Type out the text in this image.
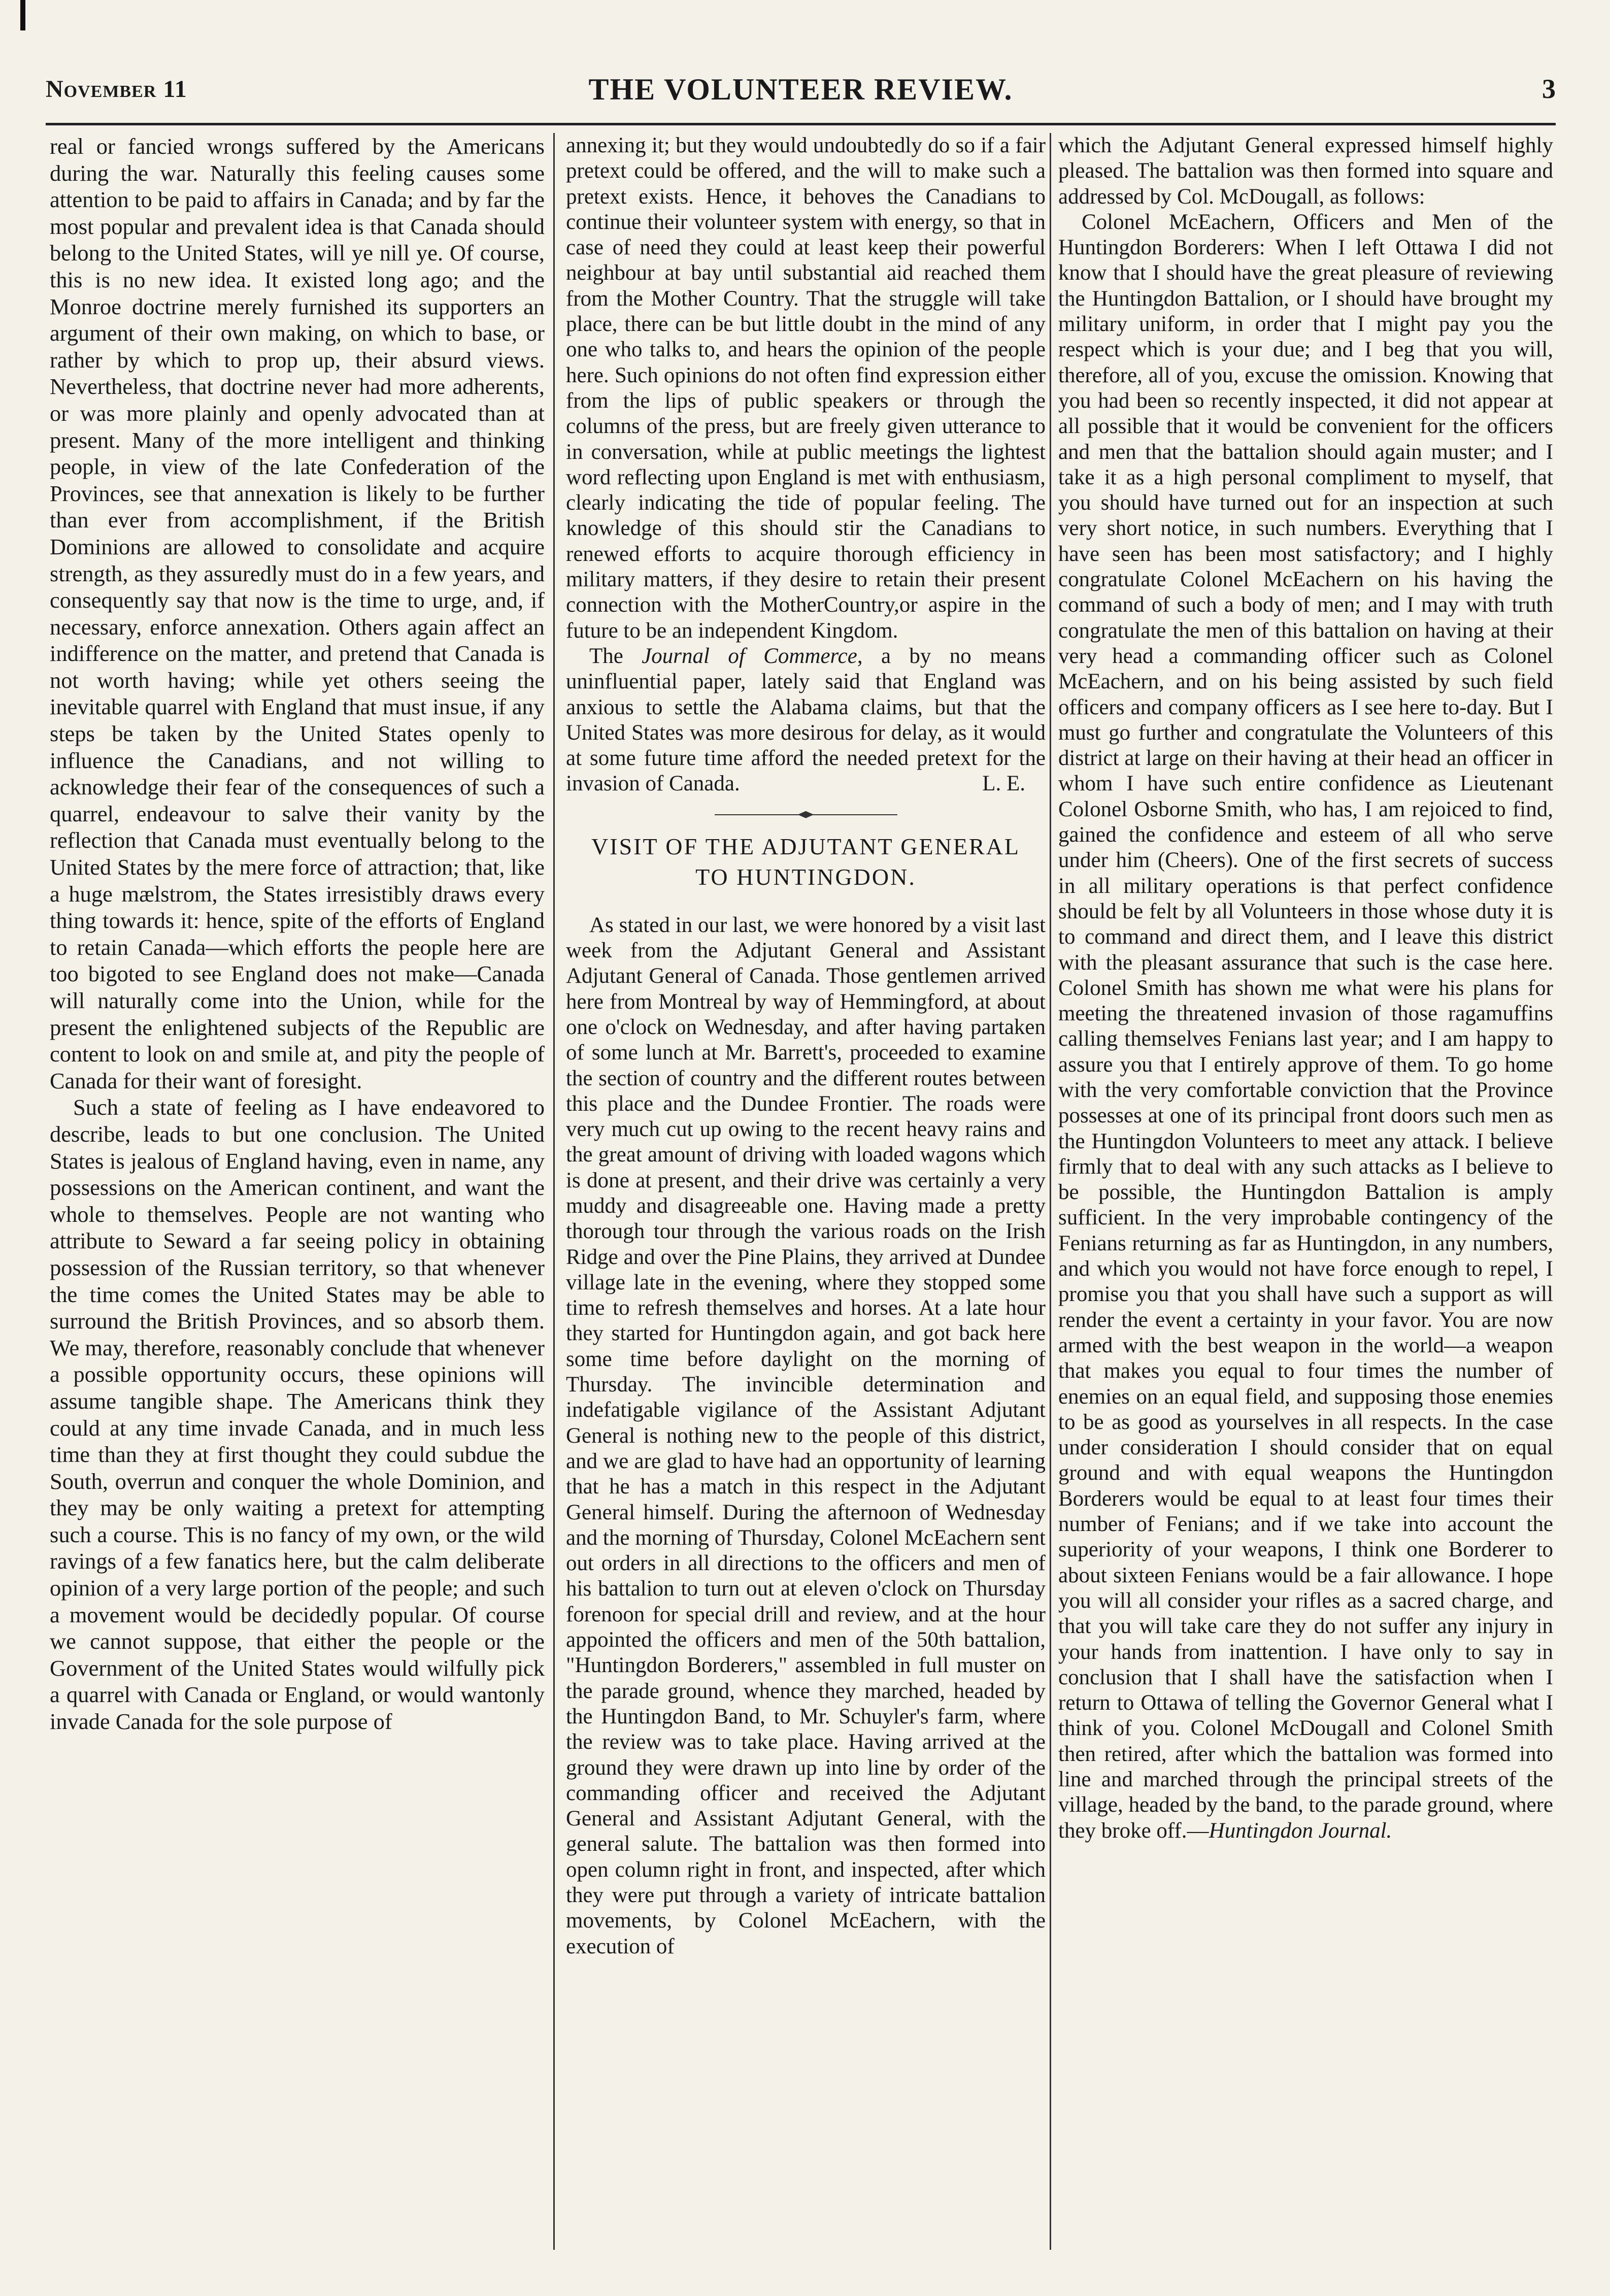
November 11	THE VOLUNTEER REVIEW.	3

real or fancied wrongs suffered by the Americans during the war. Naturally this feeling causes some attention to be paid to affairs in Canada; and by far the most popular and prevalent idea is that Canada should belong to the United States, will ye nill ye. Of course, this is no new idea. It existed long ago; and the Monroe doctrine merely furnished its supporters an argument of their own making, on which to base, or rather by which to prop up, their absurd views. Nevertheless, that doctrine never had more adherents, or was more plainly and openly advocated than at present. Many of the more intelligent and thinking people, in view of the late Confederation of the Provinces, see that annexation is likely to be further than ever from accomplishment, if the British Dominions are allowed to consolidate and acquire strength, as they assuredly must do in a few years, and consequently say that now is the time to urge, and, if necessary, enforce annexation. Others again affect an indifference on the matter, and pretend that Canada is not worth having; while yet others seeing the inevitable quarrel with England that must insue, if any steps be taken by the United States openly to influence the Canadians, and not willing to acknowledge their fear of the consequences of such a quarrel, endeavour to salve their vanity by the reflection that Canada must eventually belong to the United States by the mere force of attraction; that, like a huge mælstrom, the States irresistibly draws every thing towards it: hence, spite of the efforts of England to retain Canada—which efforts the people here are too bigoted to see England does not make—Canada will naturally come into the Union, while for the present the enlightened subjects of the Republic are content to look on and smile at, and pity the people of Canada for their want of foresight.

Such a state of feeling as I have endeavored to describe, leads to but one conclusion. The United States is jealous of England having, even in name, any possessions on the American continent, and want the whole to themselves. People are not wanting who attribute to Seward a far seeing policy in obtaining possession of the Russian territory, so that whenever the time comes the United States may be able to surround the British Provinces, and so absorb them. We may, therefore, reasonably conclude that whenever a possible opportunity occurs, these opinions will assume tangible shape. The Americans think they could at any time invade Canada, and in much less time than they at first thought they could subdue the South, overrun and conquer the whole Dominion, and they may be only waiting a pretext for attempting such a course. This is no fancy of my own, or the wild ravings of a few fanatics here, but the calm deliberate opinion of a very large portion of the people; and such a movement would be decidedly popular. Of course we cannot suppose, that either the people or the Government of the United States would wilfully pick a quarrel with Canada or England, or would wantonly invade Canada for the sole purpose of

annexing it; but they would undoubtedly do so if a fair pretext could be offered, and the will to make such a pretext exists. Hence, it behoves the Canadians to continue their volunteer system with energy, so that in case of need they could at least keep their powerful neighbour at bay until substantial aid reached them from the Mother Country. That the struggle will take place, there can be but little doubt in the mind of any one who talks to, and hears the opinion of the people here. Such opinions do not often find expression either from the lips of public speakers or through the columns of the press, but are freely given utterance to in conversation, while at public meetings the lightest word reflecting upon England is met with enthusiasm, clearly indicating the tide of popular feeling. The knowledge of this should stir the Canadians to renewed efforts to acquire thorough efficiency in military matters, if they desire to retain their present connection with the MotherCountry,or aspire in the future to be an independent Kingdom.

The Journal of Commerce, a by no means uninfluential paper, lately said that England was anxious to settle the Alabama claims, but that the United States was more desirous for delay, as it would at some future time afford the needed pretext for the invasion of Canada.	L. E.

VISIT OF THE ADJUTANT GENERAL
TO HUNTINGDON.

As stated in our last, we were honored by a visit last week from the Adjutant General and Assistant Adjutant General of Canada. Those gentlemen arrived here from Montreal by way of Hemmingford, at about one o'clock on Wednesday, and after having partaken of some lunch at Mr. Barrett's, proceeded to examine the section of country and the different routes between this place and the Dundee Frontier. The roads were very much cut up owing to the recent heavy rains and the great amount of driving with loaded wagons which is done at present, and their drive was certainly a very muddy and disagreeable one. Having made a pretty thorough tour through the various roads on the Irish Ridge and over the Pine Plains, they arrived at Dundee village late in the evening, where they stopped some time to refresh themselves and horses. At a late hour they started for Huntingdon again, and got back here some time before daylight on the morning of Thursday. The invincible determination and indefatigable vigilance of the Assistant Adjutant General is nothing new to the people of this district, and we are glad to have had an opportunity of learning that he has a match in this respect in the Adjutant General himself. During the afternoon of Wednesday and the morning of Thursday, Colonel McEachern sent out orders in all directions to the officers and men of his battalion to turn out at eleven o'clock on Thursday forenoon for special drill and review, and at the hour appointed the officers and men of the 50th battalion, "Huntingdon Borderers," assembled in full muster on the parade ground, whence they marched, headed by the Huntingdon Band, to Mr. Schuyler's farm, where the review was to take place. Having arrived at the ground they were drawn up into line by order of the commanding officer and received the Adjutant General and Assistant Adjutant General, with the general salute. The battalion was then formed into open column right in front, and inspected, after which they were put through a variety of intricate battalion movements, by Colonel McEachern, with the execution of

which the Adjutant General expressed himself highly pleased. The battalion was then formed into square and addressed by Col. McDougall, as follows:

Colonel McEachern, Officers and Men of the Huntingdon Borderers: When I left Ottawa I did not know that I should have the great pleasure of reviewing the Huntingdon Battalion, or I should have brought my military uniform, in order that I might pay you the respect which is your due; and I beg that you will, therefore, all of you, excuse the omission. Knowing that you had been so recently inspected, it did not appear at all possible that it would be convenient for the officers and men that the battalion should again muster; and I take it as a high personal compliment to myself, that you should have turned out for an inspection at such very short notice, in such numbers. Everything that I have seen has been most satisfactory; and I highly congratulate Colonel McEachern on his having the command of such a body of men; and I may with truth congratulate the men of this battalion on having at their very head a commanding officer such as Colonel McEachern, and on his being assisted by such field officers and company officers as I see here to-day. But I must go further and congratulate the Volunteers of this district at large on their having at their head an officer in whom I have such entire confidence as Lieutenant Colonel Osborne Smith, who has, I am rejoiced to find, gained the confidence and esteem of all who serve under him (Cheers). One of the first secrets of success in all military operations is that perfect confidence should be felt by all Volunteers in those whose duty it is to command and direct them, and I leave this district with the pleasant assurance that such is the case here. Colonel Smith has shown me what were his plans for meeting the threatened invasion of those ragamuffins calling themselves Fenians last year; and I am happy to assure you that I entirely approve of them. To go home with the very comfortable conviction that the Province possesses at one of its principal front doors such men as the Huntingdon Volunteers to meet any attack. I believe firmly that to deal with any such attacks as I believe to be possible, the Huntingdon Battalion is amply sufficient. In the very improbable contingency of the Fenians returning as far as Huntingdon, in any numbers, and which you would not have force enough to repel, I promise you that you shall have such a support as will render the event a certainty in your favor. You are now armed with the best weapon in the world—a weapon that makes you equal to four times the number of enemies on an equal field, and supposing those enemies to be as good as yourselves in all respects. In the case under consideration I should consider that on equal ground and with equal weapons the Huntingdon Borderers would be equal to at least four times their number of Fenians; and if we take into account the superiority of your weapons, I think one Borderer to about sixteen Fenians would be a fair allowance. I hope you will all consider your rifles as a sacred charge, and that you will take care they do not suffer any injury in your hands from inattention. I have only to say in conclusion that I shall have the satisfaction when I return to Ottawa of telling the Governor General what I think of you. Colonel McDougall and Colonel Smith then retired, after which the battalion was formed into line and marched through the principal streets of the village, headed by the band, to the parade ground, where they broke off.—Huntingdon Journal.
